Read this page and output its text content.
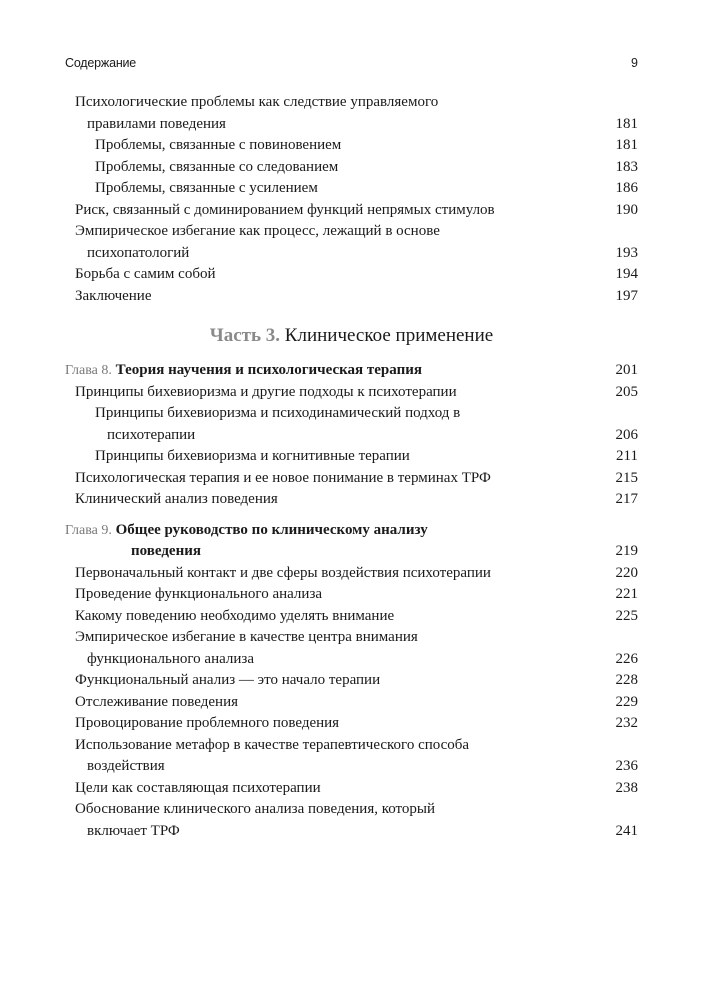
Содержание	9
Психологические проблемы как следствие управляемого
правилами поведения	181
Проблемы, связанные с повиновением	181
Проблемы, связанные со следованием	183
Проблемы, связанные с усилением	186
Риск, связанный с доминированием функций непрямых стимулов	190
Эмпирическое избегание как процесс, лежащий в основе
психопатологий	193
Борьба с самим собой	194
Заключение	197
Часть 3. Клиническое применение
Глава 8. Теория научения и психологическая терапия	201
Принципы бихевиоризма и другие подходы к психотерапии	205
Принципы бихевиоризма и психодинамический подход в
психотерапии	206
Принципы бихевиоризма и когнитивные терапии	211
Психологическая терапия и ее новое понимание в терминах ТРФ	215
Клинический анализ поведения	217
Глава 9. Общее руководство по клиническому анализу
поведения	219
Первоначальный контакт и две сферы воздействия психотерапии	220
Проведение функционального анализа	221
Какому поведению необходимо уделять внимание	225
Эмпирическое избегание в качестве центра внимания
функционального анализа	226
Функциональный анализ — это начало терапии	228
Отслеживание поведения	229
Провоцирование проблемного поведения	232
Использование метафор в качестве терапевтического способа
воздействия	236
Цели как составляющая психотерапии	238
Обоснование клинического анализа поведения, который
включает ТРФ	241
